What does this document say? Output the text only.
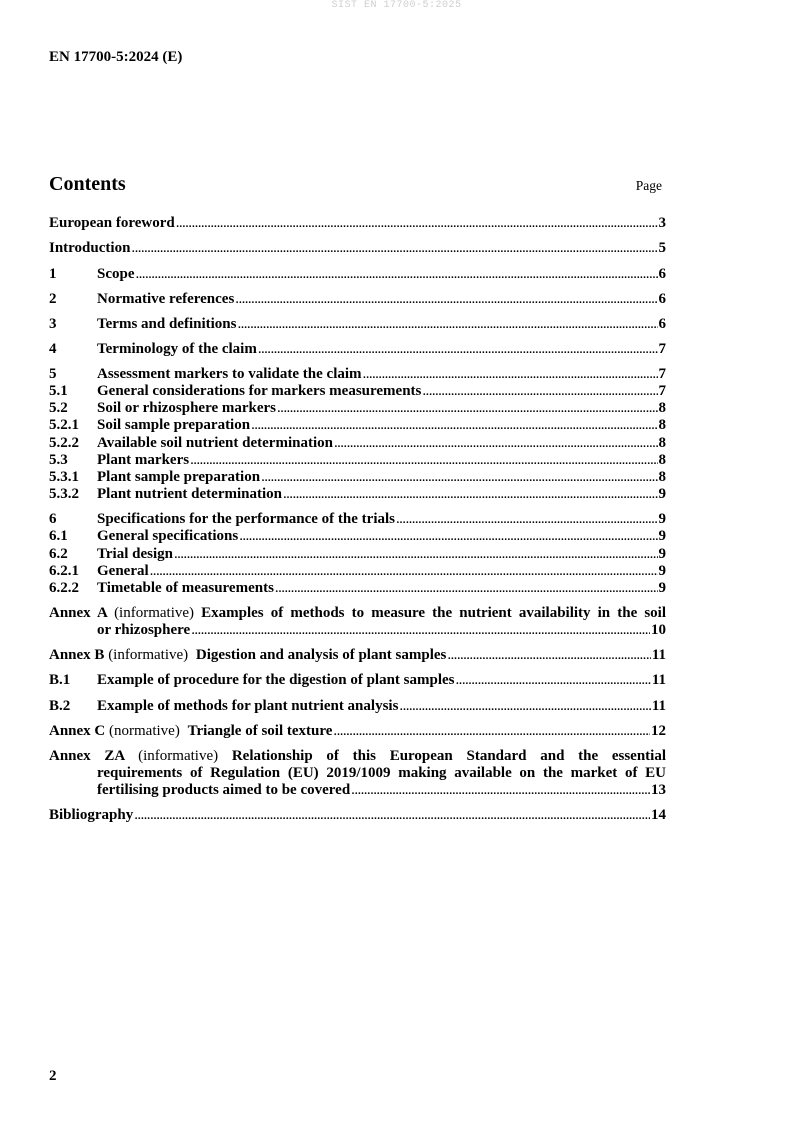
SIST EN 17700-5:2025
EN 17700-5:2024 (E)
Contents	Page
European foreword .....	3
Introduction .....	5
1	Scope .....	6
2	Normative references .....	6
3	Terms and definitions .....	6
4	Terminology of the claim .....	7
5	Assessment markers to validate the claim .....	7
5.1	General considerations for markers measurements .....	7
5.2	Soil or rhizosphere markers .....	8
5.2.1	Soil sample preparation .....	8
5.2.2	Available soil nutrient determination .....	8
5.3	Plant markers .....	8
5.3.1	Plant sample preparation .....	8
5.3.2	Plant nutrient determination .....	9
6	Specifications for the performance of the trials .....	9
6.1	General specifications .....	9
6.2	Trial design .....	9
6.2.1	General .....	9
6.2.2	Timetable of measurements .....	9
Annex A (informative) Examples of methods to measure the nutrient availability in the soil
or rhizosphere .....	10
Annex B (informative) Digestion and analysis of plant samples .....	11
B.1	Example of procedure for the digestion of plant samples .....	11
B.2	Example of methods for plant nutrient analysis .....	11
Annex C (normative) Triangle of soil texture .....	12
Annex ZA (informative) Relationship of this European Standard and the essential
requirements of Regulation (EU) 2019/1009 making available on the market of EU
fertilising products aimed to be covered .....	13
Bibliography .....	14
2
